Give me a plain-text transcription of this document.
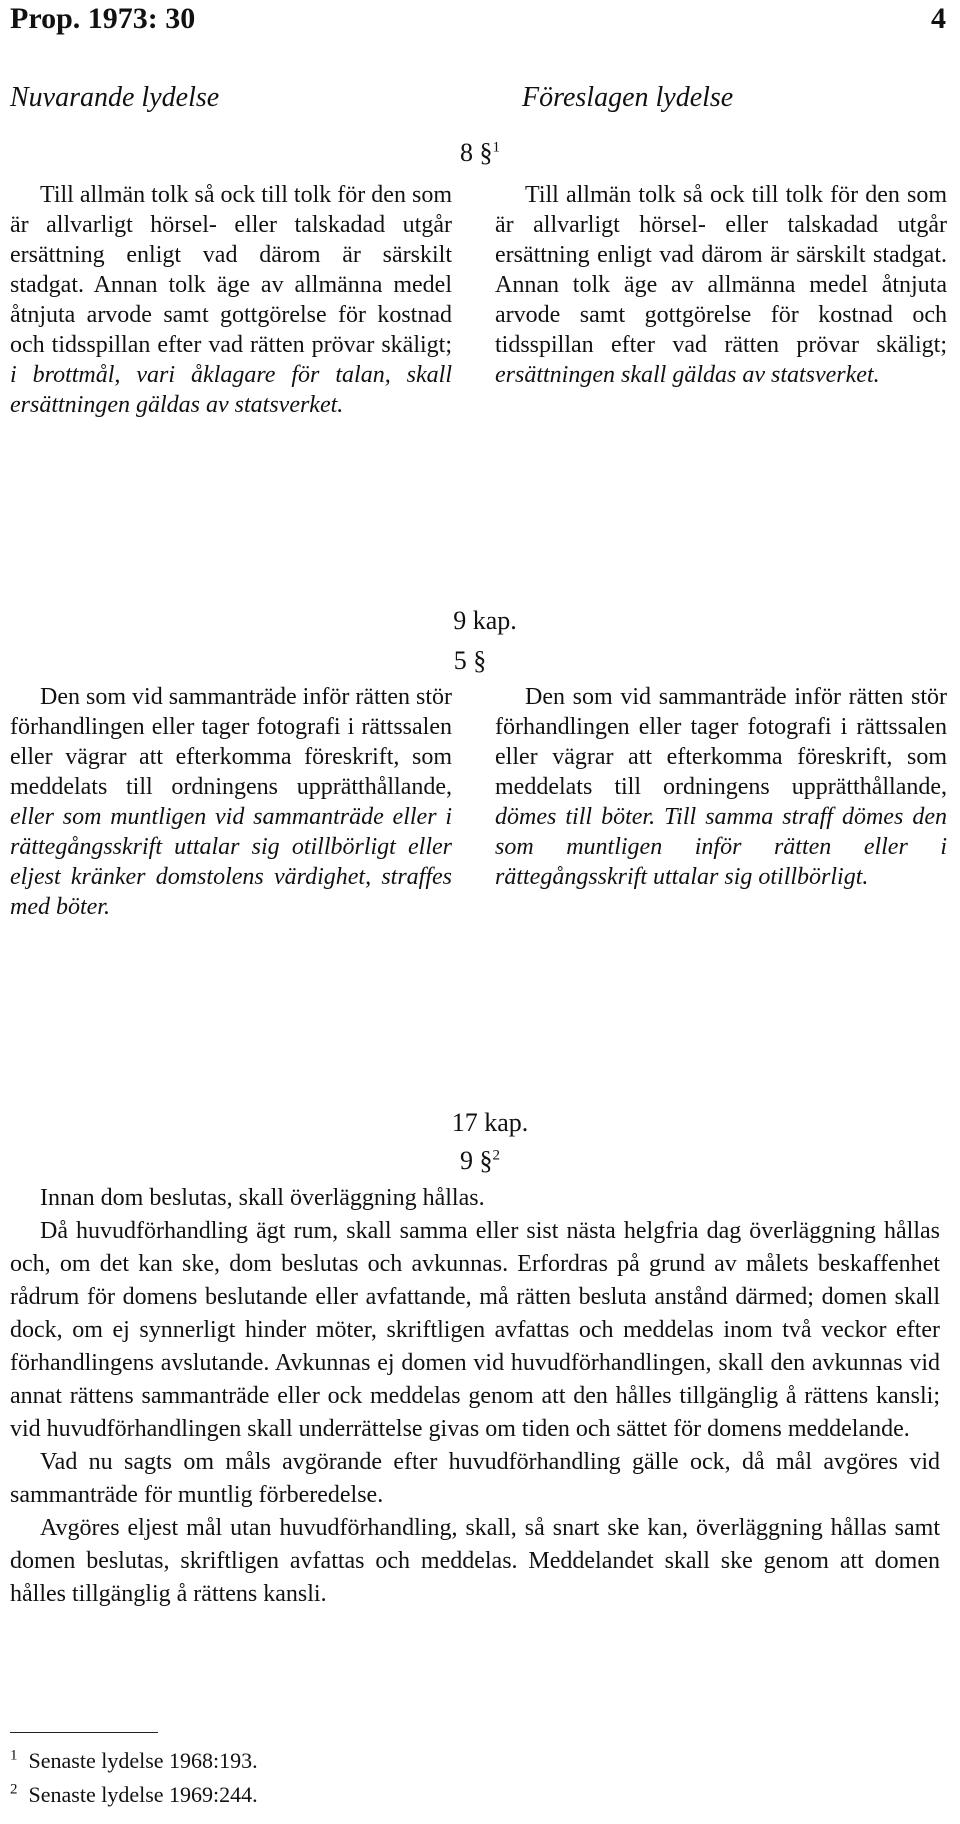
Prop. 1973: 30	4
Nuvarande lydelse	Föreslagen lydelse
8 §$^1$

Till allmän tolk så ock till tolk för den som är allvarligt hörsel- eller talskadad utgår ersättning enligt vad därom är särskilt stadgat. Annan tolk äge av allmänna medel åtnjuta arvode samt gottgörelse för kostnad och tidsspillan efter vad rätten prövar skäligt; i brottmål, vari åklagare för talan, skall ersättningen gäldas av statsverket.

Till allmän tolk så ock till tolk för den som är allvarligt hörsel- eller talskadad utgår ersättning enligt vad därom är särskilt stadgat. Annan tolk äge av allmänna medel åtnjuta arvode samt gottgörelse för kostnad och tidsspillan efter vad rätten prövar skäligt; ersättningen skall gäldas av statsverket.

9 kap.
5 §

Den som vid sammanträde inför rätten stör förhandlingen eller tager fotografi i rättssalen eller vägrar att efterkomma föreskrift, som meddelats till ordningens upprätthållande, eller som muntligen vid sammanträde eller i rättegångsskrift uttalar sig otillbörligt eller eljest kränker domstolens värdighet, straffes med böter.

Den som vid sammanträde inför rätten stör förhandlingen eller tager fotografi i rättssalen eller vägrar att efterkomma föreskrift, som meddelats till ordningens upprätthållande, dömes till böter. Till samma straff dömes den som muntligen inför rätten eller i rättegångsskrift uttalar sig otillbörligt.

17 kap.
9 §$^2$

Innan dom beslutas, skall överläggning hållas.

Då huvudförhandling ägt rum, skall samma eller sist nästa helgfria dag överläggning hållas och, om det kan ske, dom beslutas och avkunnas. Erfordras på grund av målets beskaffenhet rådrum för domens beslutande eller avfattande, må rätten besluta anstånd därmed; domen skall dock, om ej synnerligt hinder möter, skriftligen avfattas och meddelas inom två veckor efter förhandlingens avslutande. Avkunnas ej domen vid huvudförhandlingen, skall den avkunnas vid annat rättens sammanträde eller ock meddelas genom att den hålles tillgänglig å rättens kansli; vid huvudförhandlingen skall underrättelse givas om tiden och sättet för domens meddelande.

Vad nu sagts om måls avgörande efter huvudförhandling gälle ock, då mål avgöres vid sammanträde för muntlig förberedelse.

Avgöres eljest mål utan huvudförhandling, skall, så snart ske kan, överläggning hållas samt domen beslutas, skriftligen avfattas och meddelas. Meddelandet skall ske genom att domen hålles tillgänglig å rättens kansli.

$^1$ Senaste lydelse 1968:193.
$^2$ Senaste lydelse 1969:244.
